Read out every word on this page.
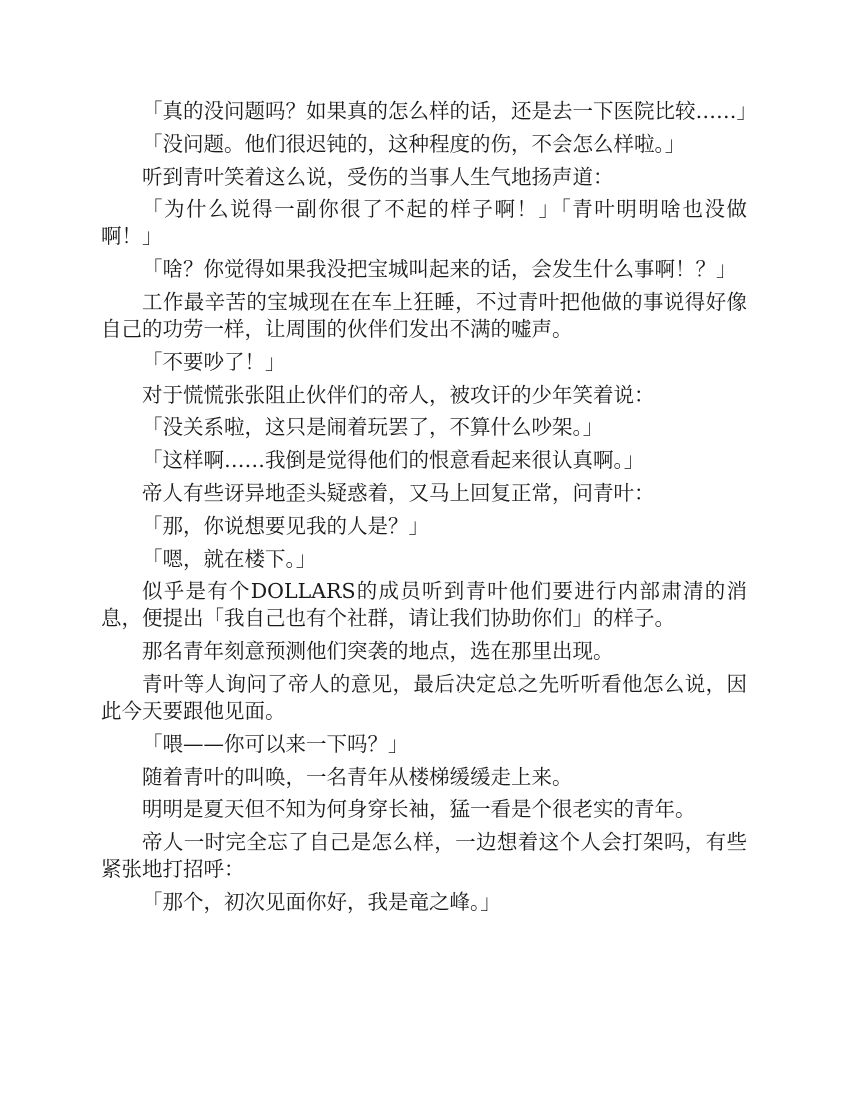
「真的没问题吗？如果真的怎么样的话，还是去一下医院比较……」

「没问题。他们很迟钝的，这种程度的伤，不会怎么样啦。」

听到青叶笑着这么说，受伤的当事人生气地扬声道：

「为什么说得一副你很了不起的样子啊！」「青叶明明啥也没做啊！」

「啥？你觉得如果我没把宝城叫起来的话，会发生什么事啊！？」

工作最辛苦的宝城现在在车上狂睡，不过青叶把他做的事说得好像自己的功劳一样，让周围的伙伴们发出不满的嘘声。

「不要吵了！」

对于慌慌张张阻止伙伴们的帝人，被攻讦的少年笑着说：

「没关系啦，这只是闹着玩罢了，不算什么吵架。」

「这样啊……我倒是觉得他们的恨意看起来很认真啊。」

帝人有些讶异地歪头疑惑着，又马上回复正常，问青叶：

「那，你说想要见我的人是？」

「嗯，就在楼下。」

似乎是有个DOLLARS的成员听到青叶他们要进行内部肃清的消息，便提出「我自己也有个社群，请让我们协助你们」的样子。

那名青年刻意预测他们突袭的地点，选在那里出现。

青叶等人询问了帝人的意见，最后决定总之先听听看他怎么说，因此今天要跟他见面。

「喂——你可以来一下吗？」

随着青叶的叫唤，一名青年从楼梯缓缓走上来。

明明是夏天但不知为何身穿长袖，猛一看是个很老实的青年。

帝人一时完全忘了自己是怎么样，一边想着这个人会打架吗，有些紧张地打招呼：

「那个，初次见面你好，我是竜之峰。」
